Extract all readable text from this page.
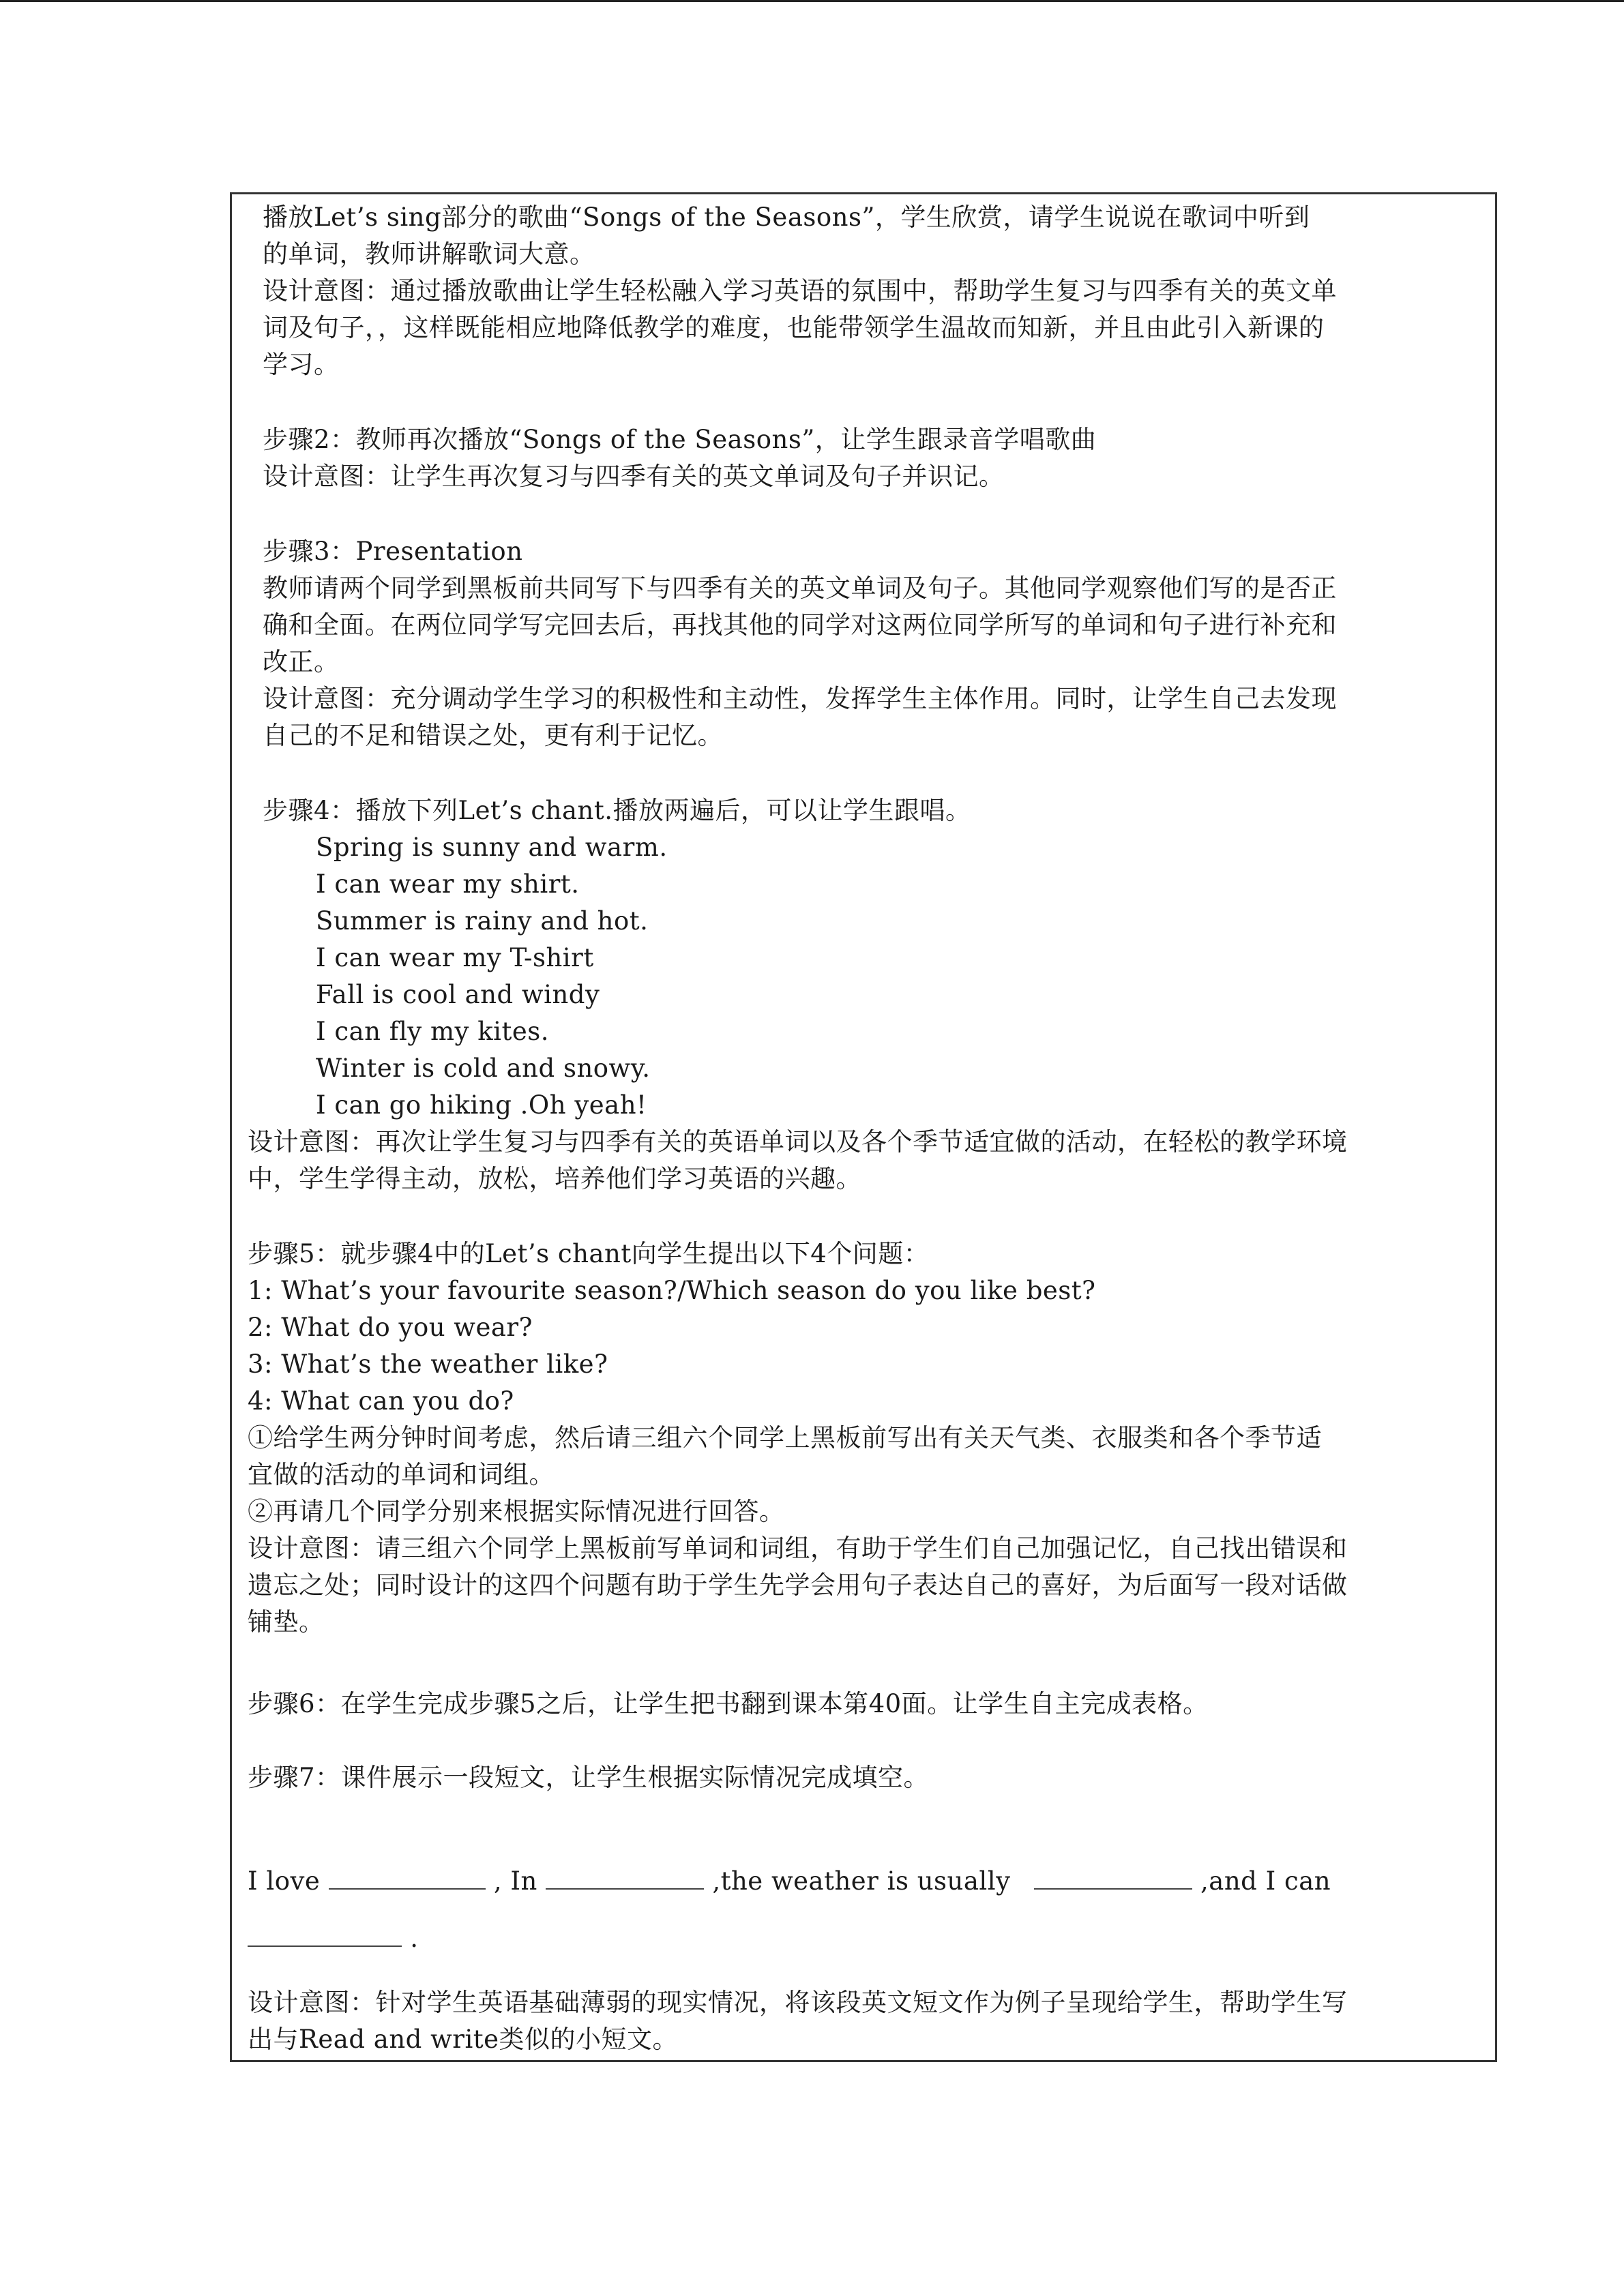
播放Let’s sing部分的歌曲“Songs of the Seasons”，学生欣赏，请学生说说在歌词中听到
的单词，教师讲解歌词大意。
设计意图：通过播放歌曲让学生轻松融入学习英语的氛围中，帮助学生复习与四季有关的英文单
词及句子，，这样既能相应地降低教学的难度，也能带领学生温故而知新，并且由此引入新课的
学习。
步骤2：教师再次播放“Songs of the Seasons”，让学生跟录音学唱歌曲
设计意图：让学生再次复习与四季有关的英文单词及句子并识记。
步骤3：Presentation
教师请两个同学到黑板前共同写下与四季有关的英文单词及句子。其他同学观察他们写的是否正
确和全面。在两位同学写完回去后，再找其他的同学对这两位同学所写的单词和句子进行补充和
改正。
设计意图：充分调动学生学习的积极性和主动性，发挥学生主体作用。同时，让学生自己去发现
自己的不足和错误之处，更有利于记忆。
步骤4：播放下列Let’s chant.播放两遍后，可以让学生跟唱。
Spring is sunny and warm.
I can wear my shirt.
Summer is rainy and hot.
I can wear my T-shirt
Fall is cool and windy
I can fly my kites.
Winter is cold and snowy.
I can go hiking .Oh yeah!
设计意图：再次让学生复习与四季有关的英语单词以及各个季节适宜做的活动，在轻松的教学环境
中，学生学得主动，放松，培养他们学习英语的兴趣。
步骤5：就步骤4中的Let’s chant向学生提出以下4个问题：
1: What’s your favourite season?/Which season do you like best?
2: What do you wear?
3: What’s the weather like?
4: What can you do?
①给学生两分钟时间考虑，然后请三组六个同学上黑板前写出有关天气类、衣服类和各个季节适
宜做的活动的单词和词组。
②再请几个同学分别来根据实际情况进行回答。
设计意图：请三组六个同学上黑板前写单词和词组，有助于学生们自己加强记忆，自己找出错误和
遗忘之处；同时设计的这四个问题有助于学生先学会用句子表达自己的喜好，为后面写一段对话做
铺垫。
步骤6：在学生完成步骤5之后，让学生把书翻到课本第40面。让学生自主完成表格。
步骤7：课件展示一段短文，让学生根据实际情况完成填空。
I love	, In	,the weather is usually	,and I can
.
设计意图：针对学生英语基础薄弱的现实情况，将该段英文短文作为例子呈现给学生，帮助学生写
出与Read and write类似的小短文。
